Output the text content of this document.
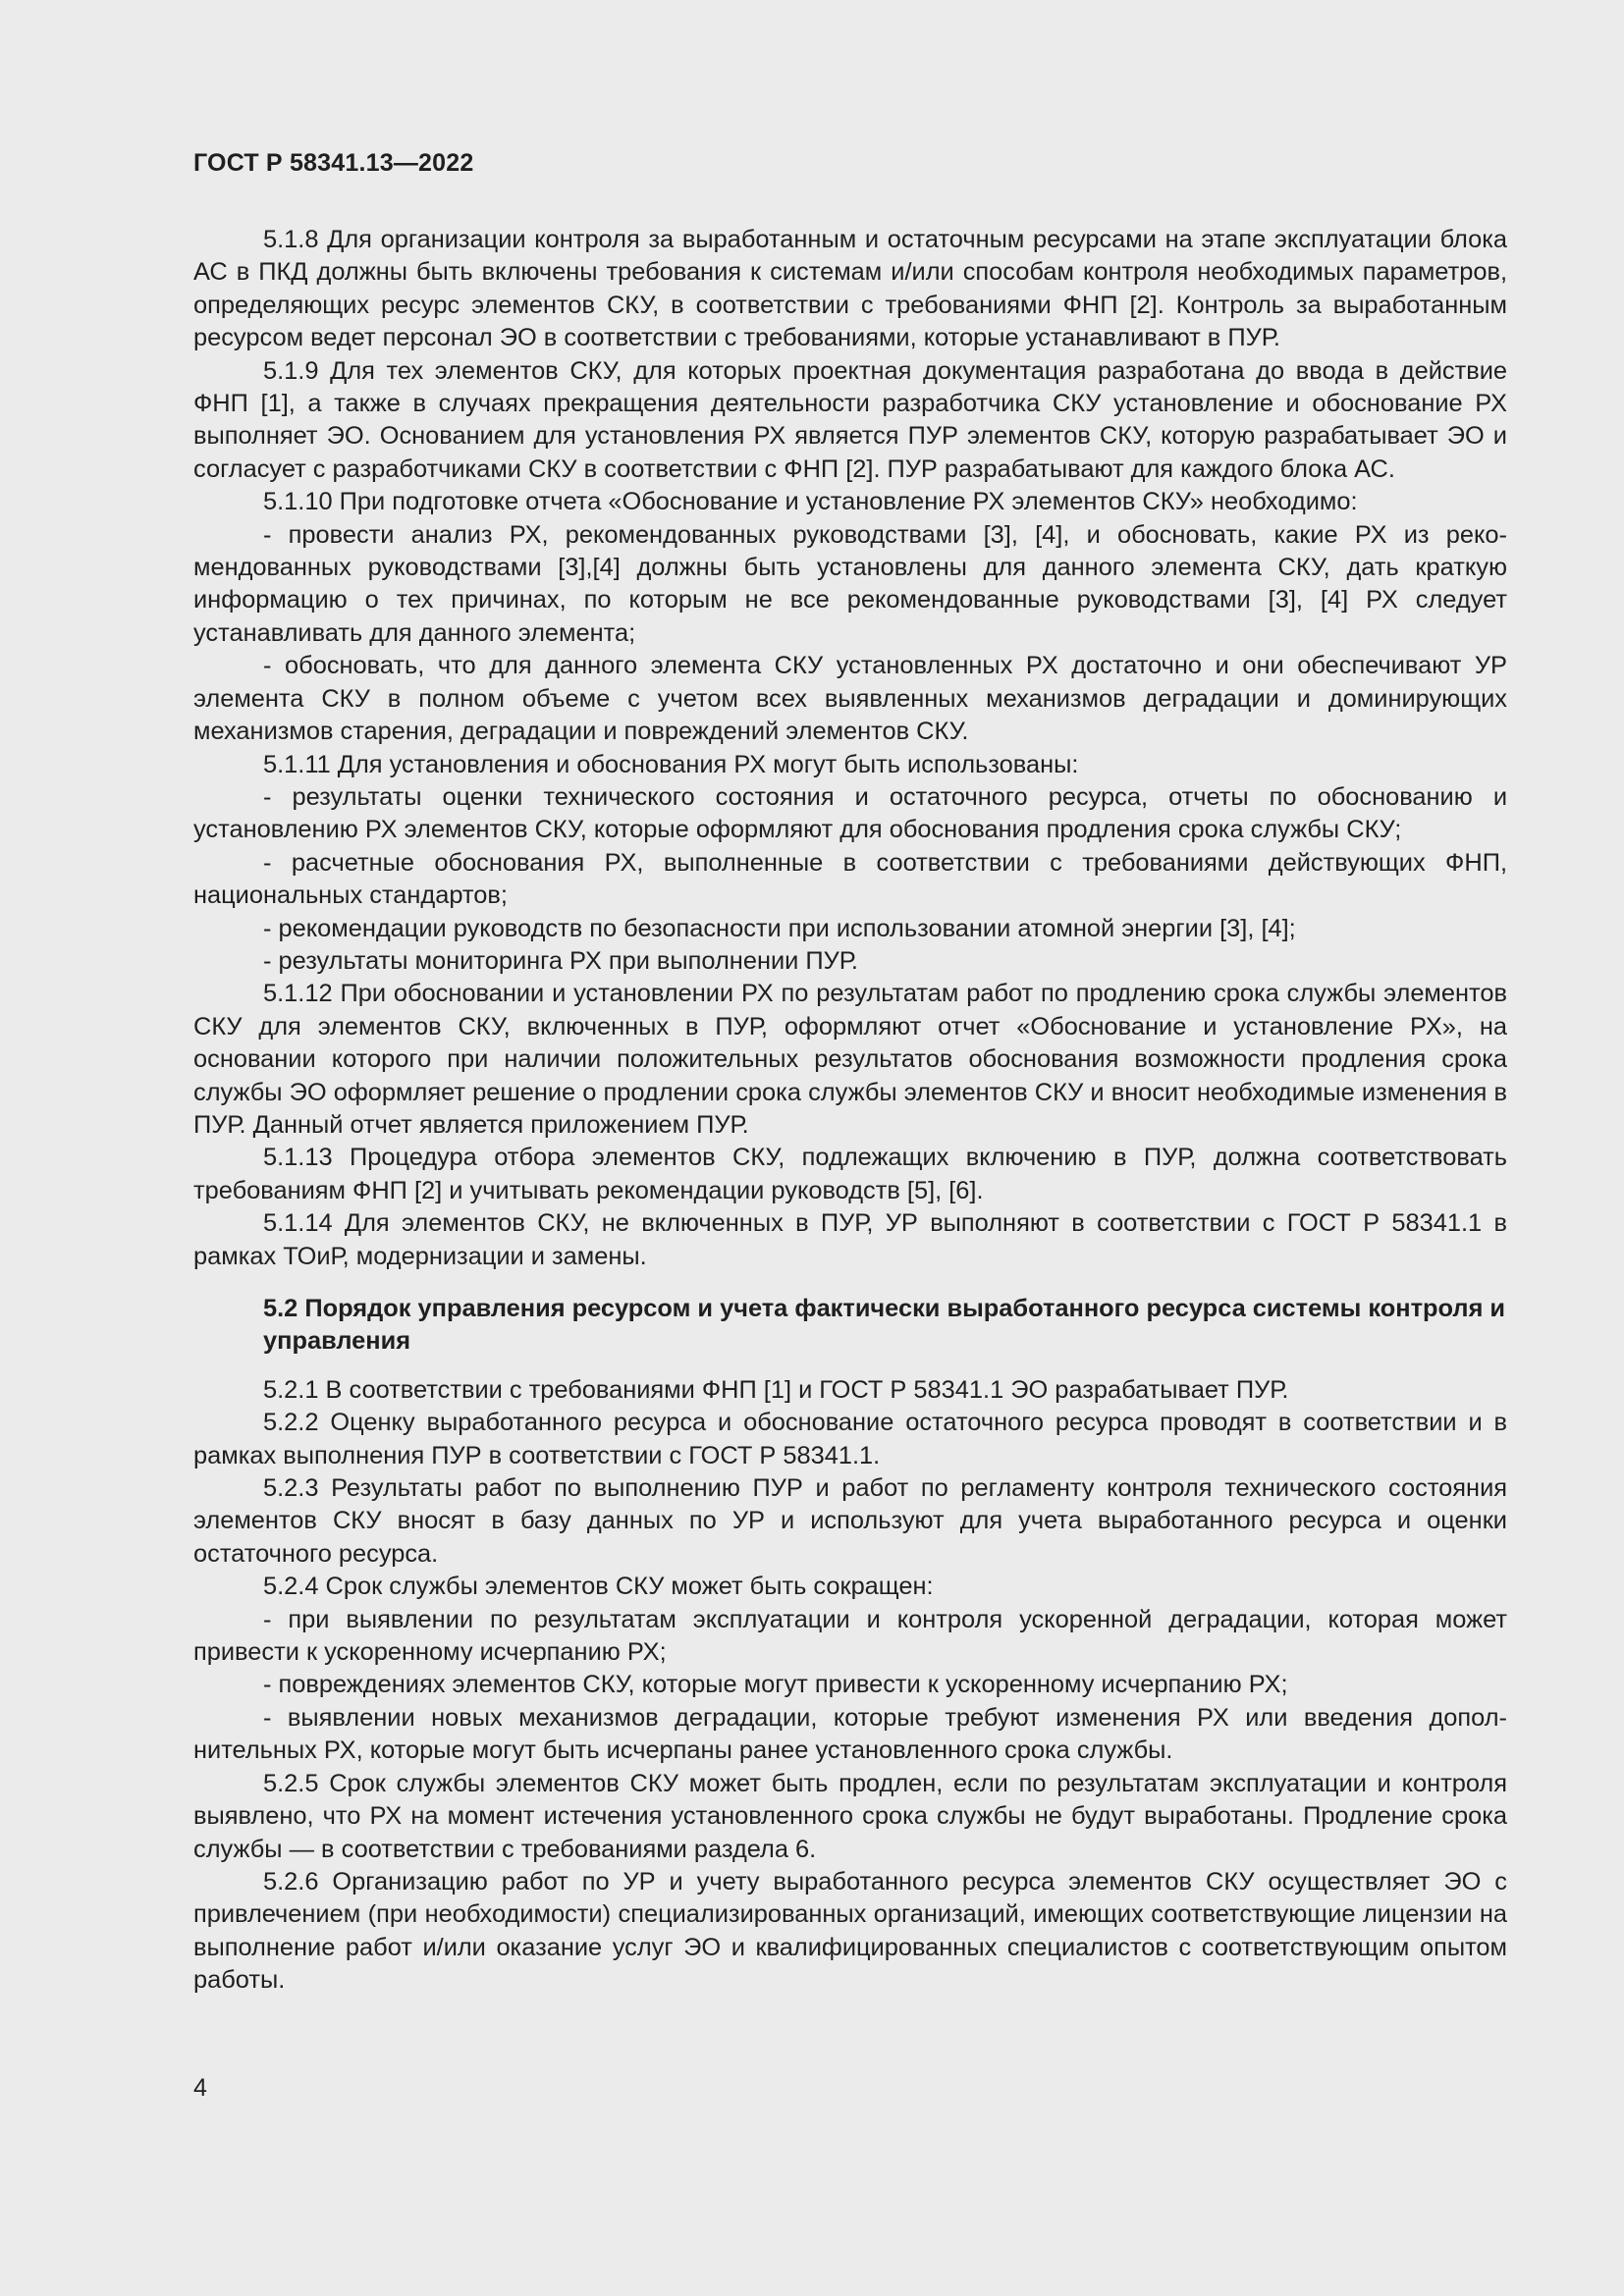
ГОСТ Р 58341.13—2022

5.1.8 Для организации контроля за выработанным и остаточным ресурсами на этапе эксплуатации блока АС в ПКД должны быть включены требования к системам и/или способам контроля необходимых параметров, определяющих ресурс элементов СКУ, в соответствии с требованиями ФНП [2]. Контроль за выработанным ресурсом ведет персонал ЭО в соответствии с требованиями, которые устанавливают в ПУР.

5.1.9 Для тех элементов СКУ, для которых проектная документация разработана до ввода в действие ФНП [1], а также в случаях прекращения деятельности разработчика СКУ установление и обоснование РХ выполняет ЭО. Основанием для установления РХ является ПУР элементов СКУ, которую разрабатывает ЭО и согласует с разработчиками СКУ в соответствии с ФНП [2]. ПУР разрабатывают для каждого блока АС.

5.1.10 При подготовке отчета «Обоснование и установление РХ элементов СКУ» необходимо:

- провести анализ РХ, рекомендованных руководствами [3], [4], и обосновать, какие РХ из рекомендованных руководствами [3],[4] должны быть установлены для данного элемента СКУ, дать краткую информацию о тех причинах, по которым не все рекомендованные руководствами [3], [4] РХ следует устанавливать для данного элемента;

- обосновать, что для данного элемента СКУ установленных РХ достаточно и они обеспечивают УР элемента СКУ в полном объеме с учетом всех выявленных механизмов деградации и доминирующих механизмов старения, деградации и повреждений элементов СКУ.

5.1.11 Для установления и обоснования РХ могут быть использованы:

- результаты оценки технического состояния и остаточного ресурса, отчеты по обоснованию и установлению РХ элементов СКУ, которые оформляют для обоснования продления срока службы СКУ;

- расчетные обоснования РХ, выполненные в соответствии с требованиями действующих ФНП, национальных стандартов;

- рекомендации руководств по безопасности при использовании атомной энергии [3], [4];

- результаты мониторинга РХ при выполнении ПУР.

5.1.12 При обосновании и установлении РХ по результатам работ по продлению срока службы элементов СКУ для элементов СКУ, включенных в ПУР, оформляют отчет «Обоснование и установление РХ», на основании которого при наличии положительных результатов обоснования возможности продления срока службы ЭО оформляет решение о продлении срока службы элементов СКУ и вносит необходимые изменения в ПУР. Данный отчет является приложением ПУР.

5.1.13 Процедура отбора элементов СКУ, подлежащих включению в ПУР, должна соответствовать требованиям ФНП [2] и учитывать рекомендации руководств [5], [6].

5.1.14 Для элементов СКУ, не включенных в ПУР, УР выполняют в соответствии с ГОСТ Р 58341.1 в рамках ТОиР, модернизации и замены.

5.2 Порядок управления ресурсом и учета фактически выработанного ресурса системы контроля и управления

5.2.1 В соответствии с требованиями ФНП [1] и ГОСТ Р 58341.1 ЭО разрабатывает ПУР.

5.2.2 Оценку выработанного ресурса и обоснование остаточного ресурса проводят в соответствии и в рамках выполнения ПУР в соответствии с ГОСТ Р 58341.1.

5.2.3 Результаты работ по выполнению ПУР и работ по регламенту контроля технического состояния элементов СКУ вносят в базу данных по УР и используют для учета выработанного ресурса и оценки остаточного ресурса.

5.2.4 Срок службы элементов СКУ может быть сокращен:

- при выявлении по результатам эксплуатации и контроля ускоренной деградации, которая может привести к ускоренному исчерпанию РХ;

- повреждениях элементов СКУ, которые могут привести к ускоренному исчерпанию РХ;

- выявлении новых механизмов деградации, которые требуют изменения РХ или введения дополнительных РХ, которые могут быть исчерпаны ранее установленного срока службы.

5.2.5 Срок службы элементов СКУ может быть продлен, если по результатам эксплуатации и контроля выявлено, что РХ на момент истечения установленного срока службы не будут выработаны. Продление срока службы — в соответствии с требованиями раздела 6.

5.2.6 Организацию работ по УР и учету выработанного ресурса элементов СКУ осуществляет ЭО с привлечением (при необходимости) специализированных организаций, имеющих соответствующие лицензии на выполнение работ и/или оказание услуг ЭО и квалифицированных специалистов с соответствующим опытом работы.

4
